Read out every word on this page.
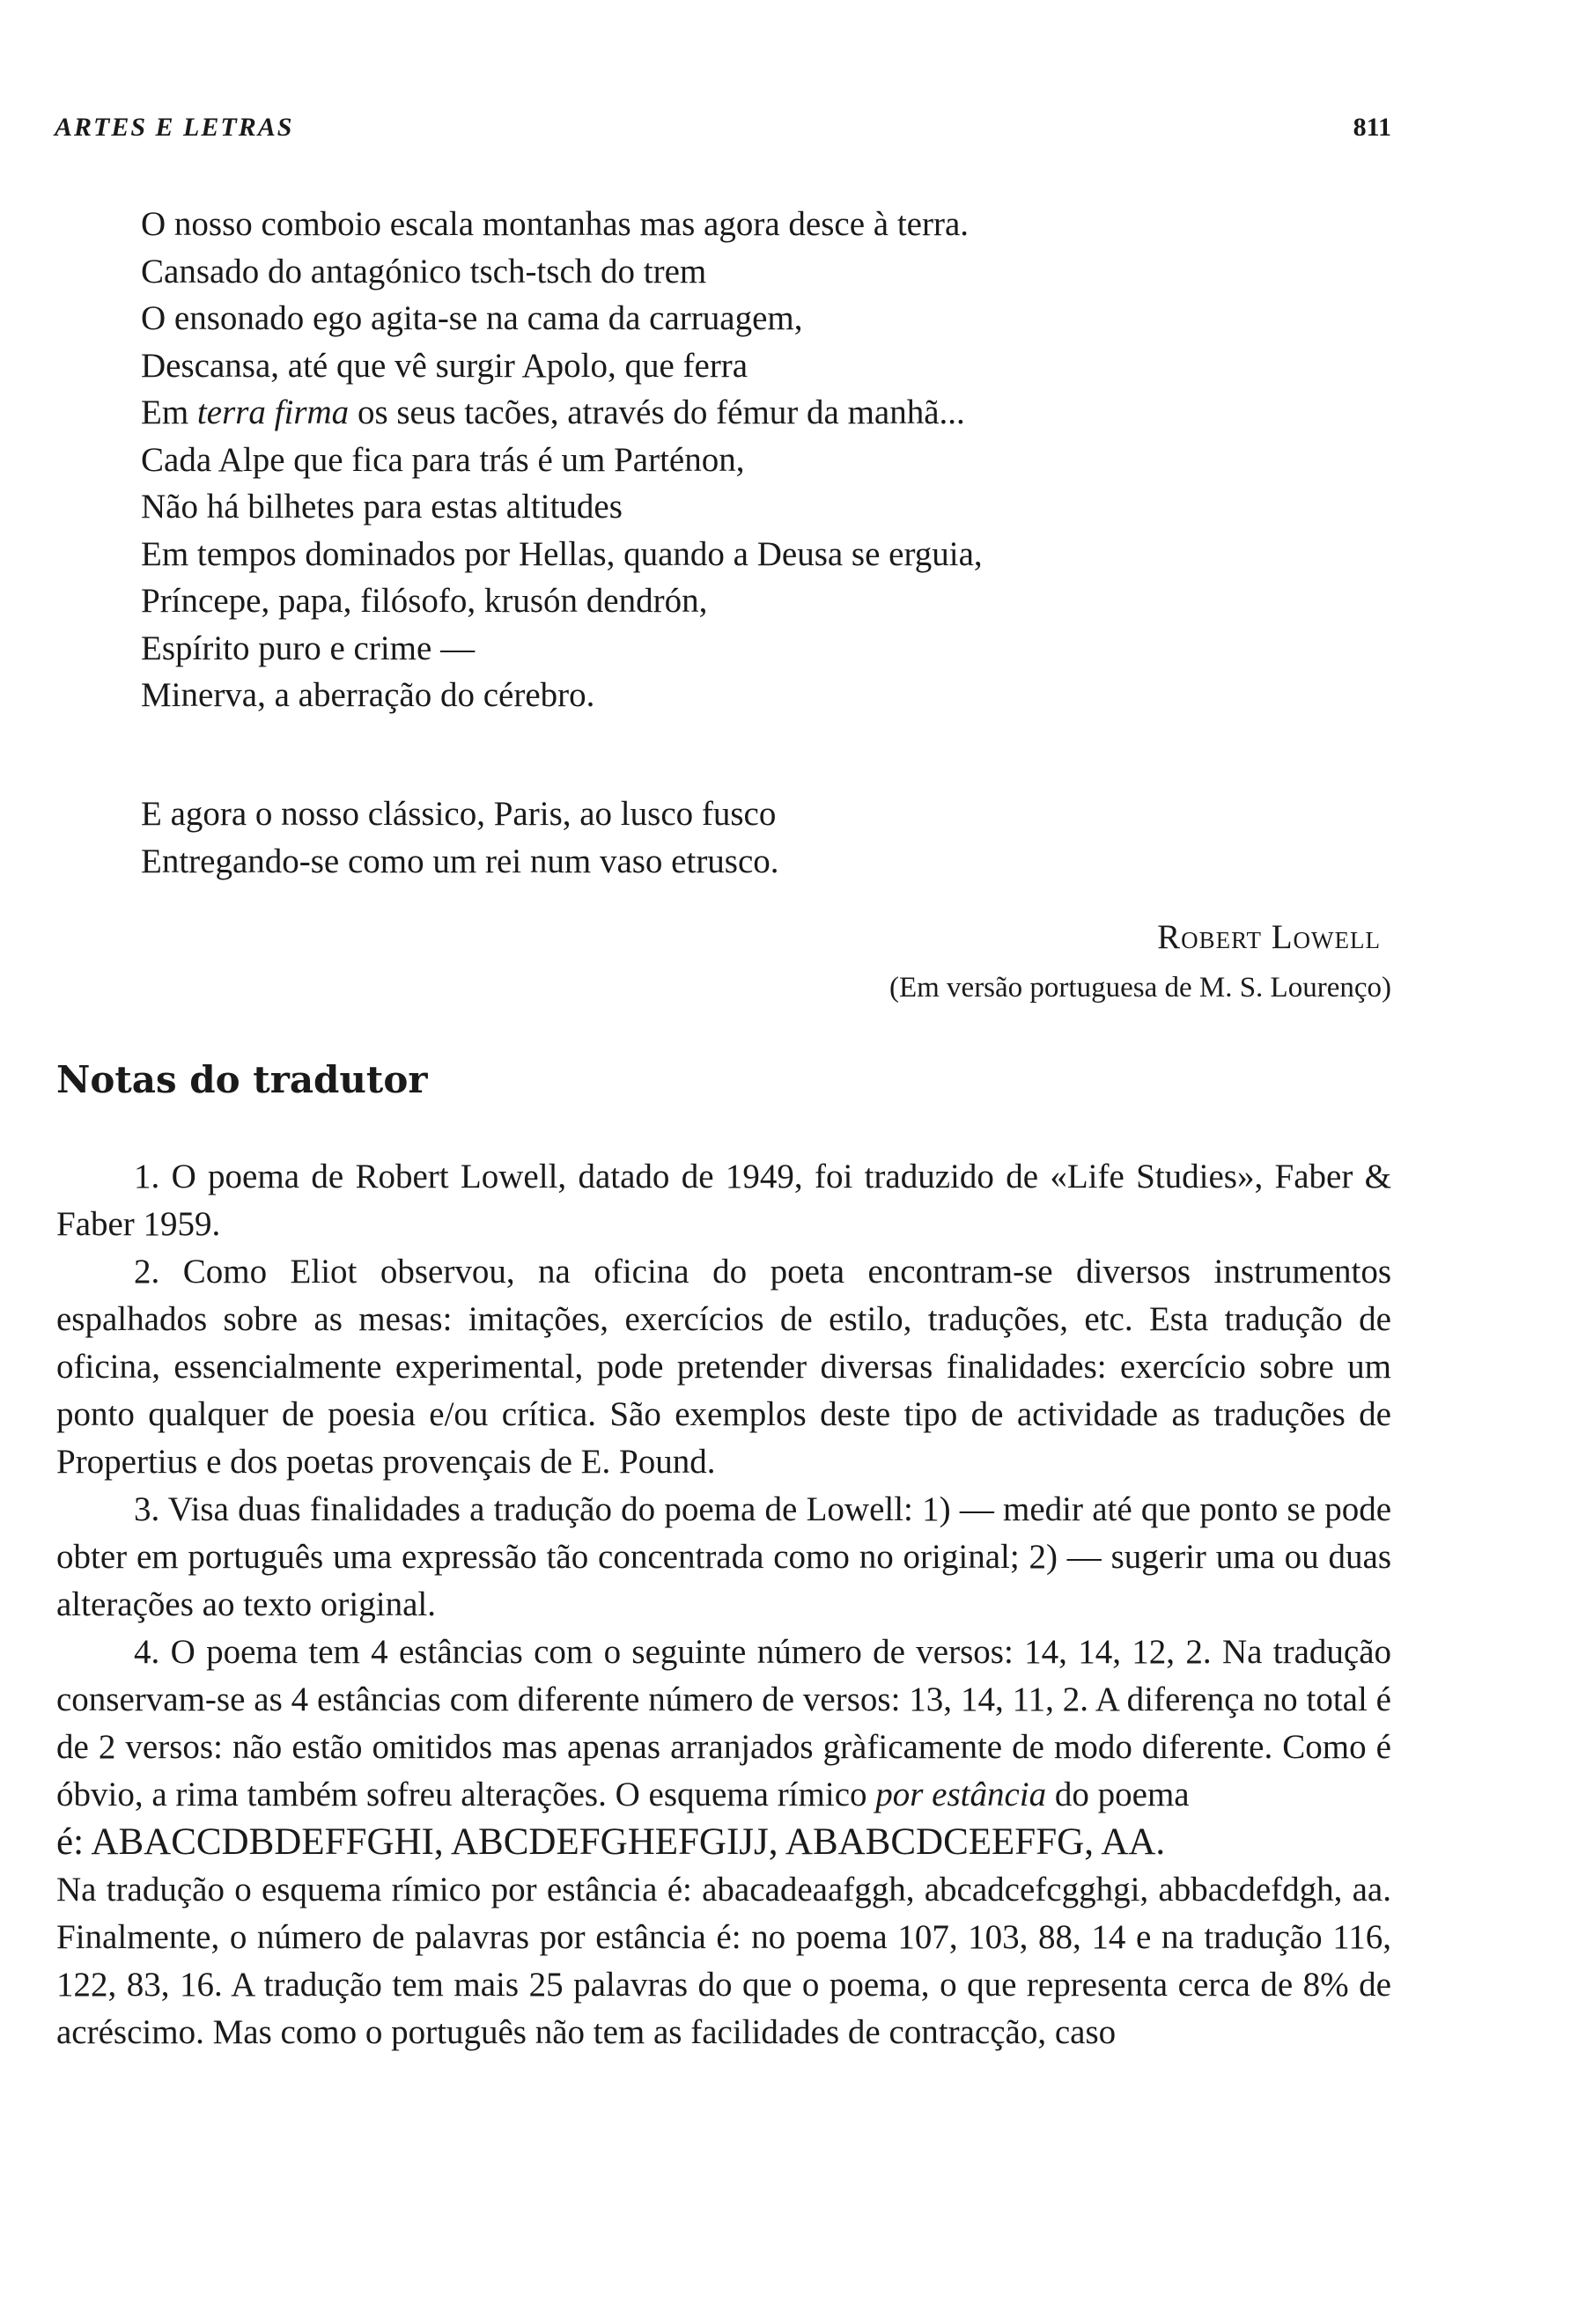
ARTES E LETRAS	811
O nosso comboio escala montanhas mas agora desce à terra.
Cansado do antagónico tsch-tsch do trem
O ensonado ego agita-se na cama da carruagem,
Descansa, até que vê surgir Apolo, que ferra
Em terra firma os seus tacões, através do fémur da manhã...
Cada Alpe que fica para trás é um Parténon,
Não há bilhetes para estas altitudes
Em tempos dominados por Hellas, quando a Deusa se erguia,
Príncepe, papa, filósofo, krusón dendrón,
Espírito puro e crime —
Minerva, a aberração do cérebro.
E agora o nosso clássico, Paris, ao lusco fusco
Entregando-se como um rei num vaso etrusco.
Robert Lowell
(Em versão portuguesa de M. S. Lourenço)
Notas do tradutor

1. O poema de Robert Lowell, datado de 1949, foi traduzido de «Life Studies», Faber & Faber 1959.

2. Como Eliot observou, na oficina do poeta encontram-se diversos instrumentos espalhados sobre as mesas: imitações, exercícios de estilo, traduções, etc. Esta tradução de oficina, essencialmente experimental, pode pretender diversas finalidades: exercício sobre um ponto qualquer de poesia e/ou crítica. São exemplos deste tipo de actividade as traduções de Propertius e dos poetas provençais de E. Pound.

3. Visa duas finalidades a tradução do poema de Lowell: 1) — medir até que ponto se pode obter em português uma expressão tão concentrada como no original; 2) — sugerir uma ou duas alterações ao texto original.

4. O poema tem 4 estâncias com o seguinte número de versos: 14, 14, 12, 2. Na tradução conservam-se as 4 estâncias com diferente número de versos: 13, 14, 11, 2. A diferença no total é de 2 versos: não estão omitidos mas apenas arranjados gràficamente de modo diferente. Como é óbvio, a rima também sofreu alterações. O esquema rímico por estância do poema

é: ABACCDBDEFFGHI, ABCDEFGHEFGIJJ, ABABCDCEEFFG, AA.

Na tradução o esquema rímico por estância é: abacadeaafggh, abcadcefcgghgi, abbacdefdgh, aa. Finalmente, o número de palavras por estância é: no poema 107, 103, 88, 14 e na tradução 116, 122, 83, 16. A tradução tem mais 25 palavras do que o poema, o que representa cerca de 8% de acréscimo. Mas como o português não tem as facilidades de contracção, caso
